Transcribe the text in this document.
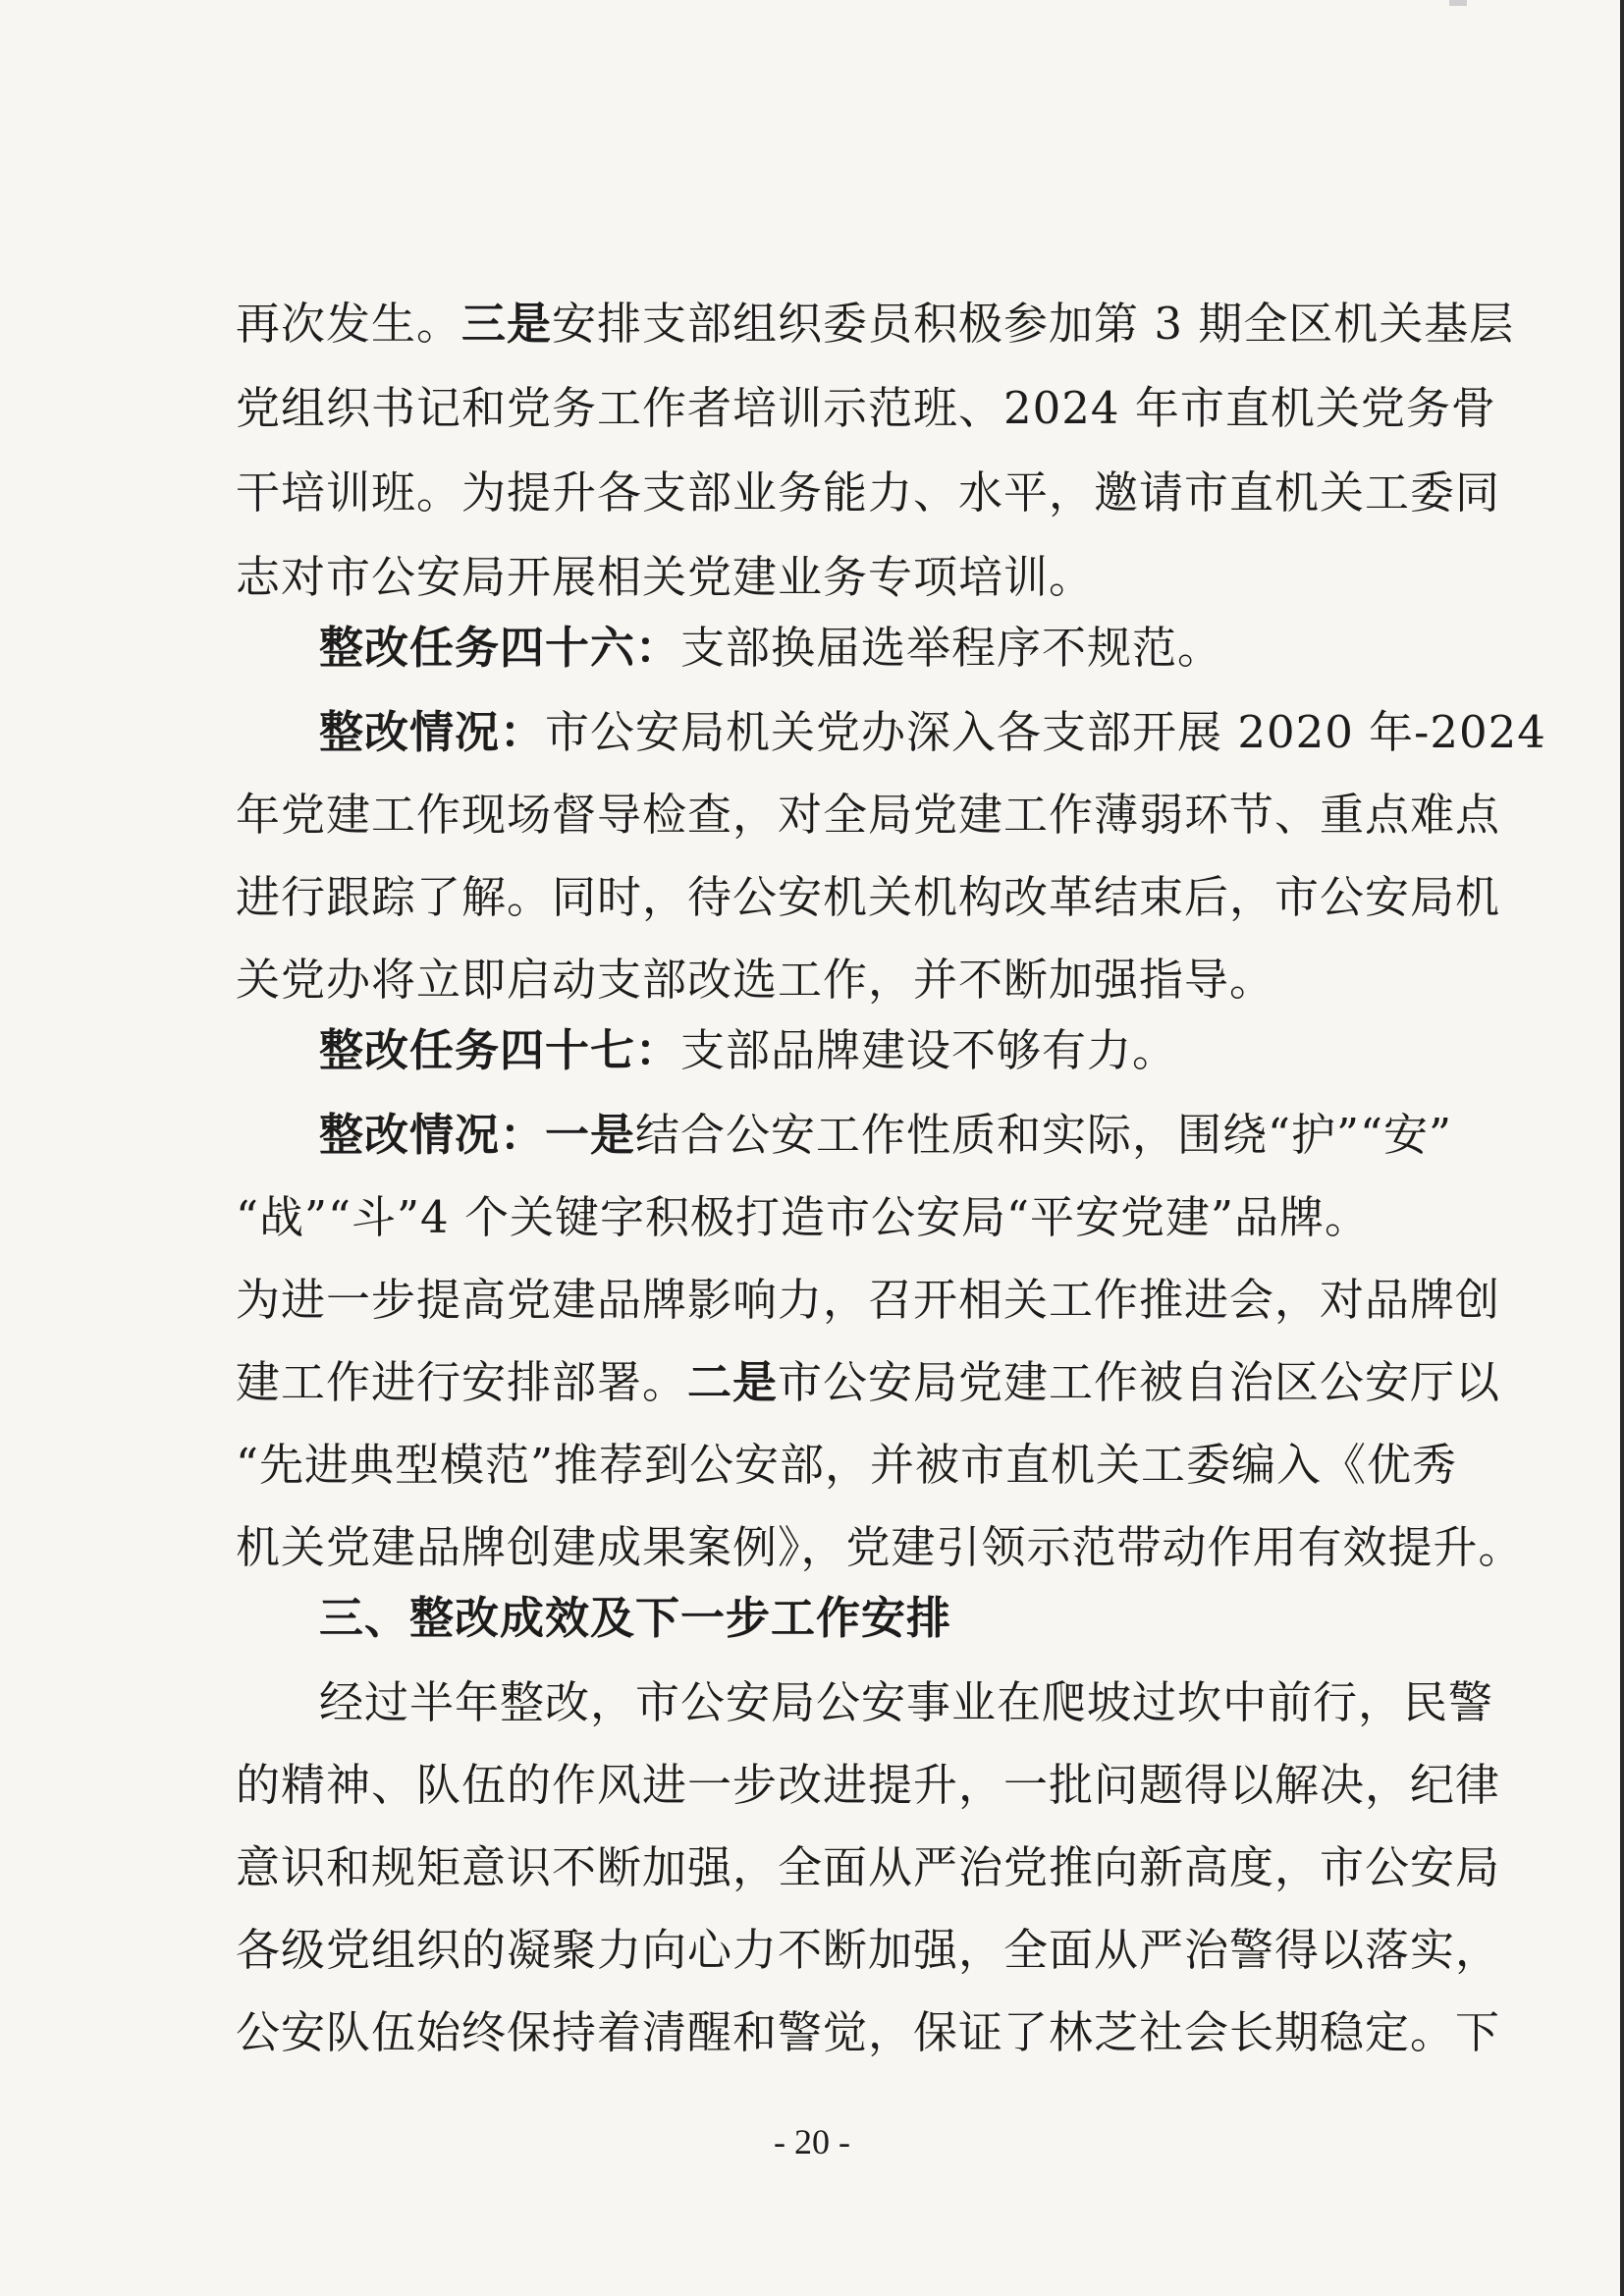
再次发生。三是安排支部组织委员积极参加第 3 期全区机关基层
党组织书记和党务工作者培训示范班、2024 年市直机关党务骨
干培训班。为提升各支部业务能力、水平，邀请市直机关工委同
志对市公安局开展相关党建业务专项培训。
整改任务四十六：支部换届选举程序不规范。
整改情况：市公安局机关党办深入各支部开展 2020 年-2024
年党建工作现场督导检查，对全局党建工作薄弱环节、重点难点
进行跟踪了解。同时，待公安机关机构改革结束后，市公安局机
关党办将立即启动支部改选工作，并不断加强指导。
整改任务四十七：支部品牌建设不够有力。
整改情况：一是结合公安工作性质和实际，围绕“护”“安”
“战”“斗”4 个关键字积极打造市公安局“平安党建”品牌。
为进一步提高党建品牌影响力，召开相关工作推进会，对品牌创
建工作进行安排部署。二是市公安局党建工作被自治区公安厅以
“先进典型模范”推荐到公安部，并被市直机关工委编入《优秀
机关党建品牌创建成果案例》，党建引领示范带动作用有效提升。
三、整改成效及下一步工作安排
经过半年整改，市公安局公安事业在爬坡过坎中前行，民警
的精神、队伍的作风进一步改进提升，一批问题得以解决，纪律
意识和规矩意识不断加强，全面从严治党推向新高度，市公安局
各级党组织的凝聚力向心力不断加强，全面从严治警得以落实，
公安队伍始终保持着清醒和警觉，保证了林芝社会长期稳定。下
- 20 -
